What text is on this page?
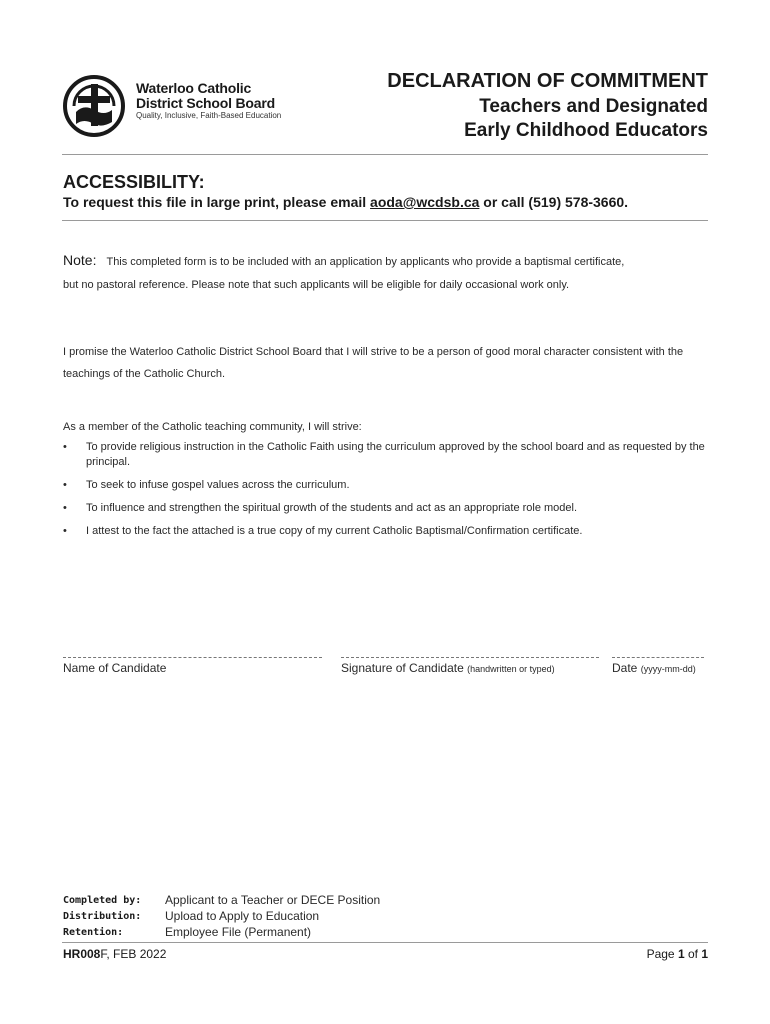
Waterloo Catholic
District School Board
Quality, Inclusive, Faith-Based Education
DECLARATION OF COMMITMENT
Teachers and Designated
Early Childhood Educators
ACCESSIBILITY:
To request this file in large print, please email aoda@wcdsb.ca or call (519) 578-3660.
Note: This completed form is to be included with an application by applicants who provide a baptismal certificate,
but no pastoral reference. Please note that such applicants will be eligible for daily occasional work only.
I promise the Waterloo Catholic District School Board that I will strive to be a person of good moral character consistent with the teachings of the Catholic Church.
As a member of the Catholic teaching community, I will strive:
• To provide religious instruction in the Catholic Faith using the curriculum approved by the school board and as requested by the principal.
• To seek to infuse gospel values across the curriculum.
• To influence and strengthen the spiritual growth of the students and act as an appropriate role model.
• I attest to the fact the attached is a true copy of my current Catholic Baptismal/Confirmation certificate.
Name of Candidate	Signature of Candidate (handwritten or typed)	Date (yyyy-mm-dd)
Completed by: Applicant to a Teacher or DECE Position
Distribution: Upload to Apply to Education
Retention:	Employee File (Permanent)
HR008F, FEB 2022	Page 1 of 1
